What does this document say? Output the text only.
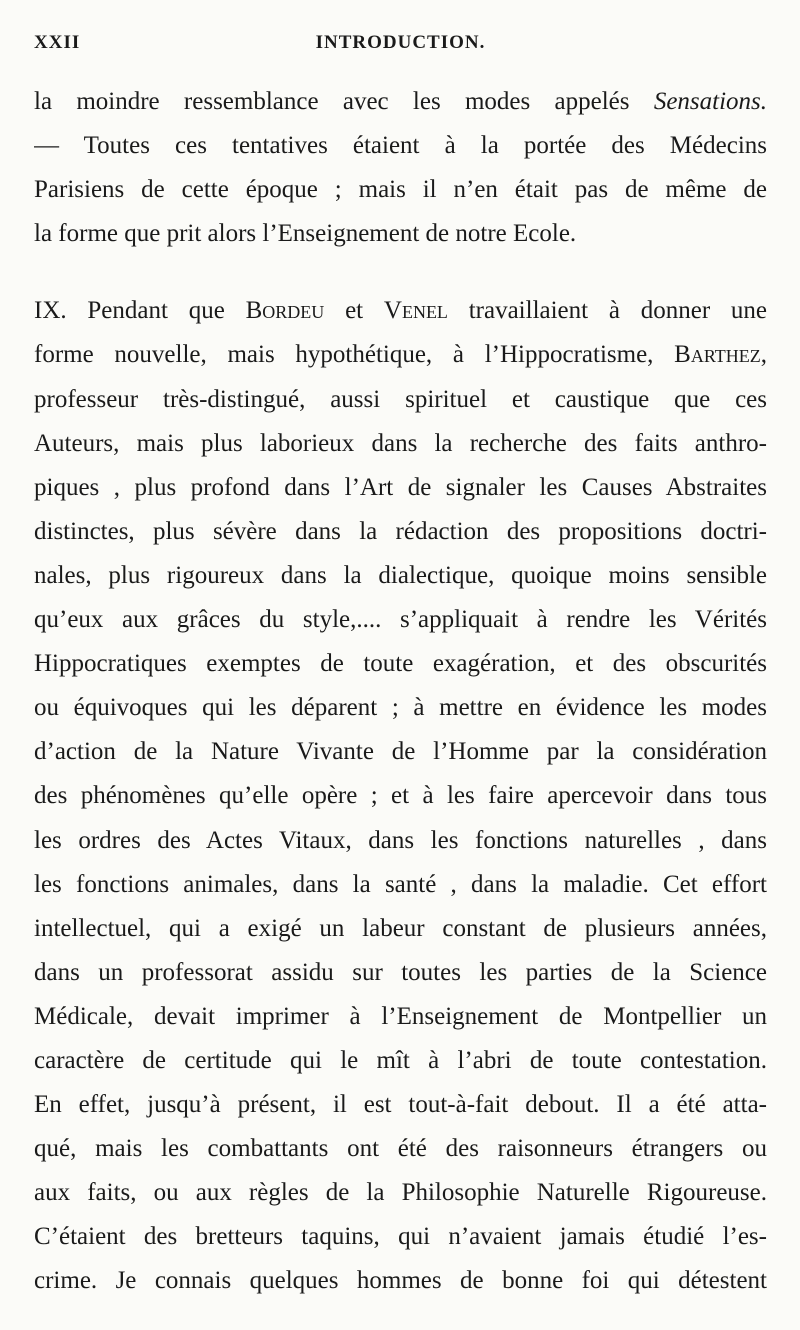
XXII	INTRODUCTION.
la moindre ressemblance avec les modes appelés Sensations.
— Toutes ces tentatives étaient à la portée des Médecins
Parisiens de cette époque ; mais il n’en était pas de même de
la forme que prit alors l’Enseignement de notre Ecole.
IX. Pendant que Bordeu et Venel travaillaient à donner une
forme nouvelle, mais hypothétique, à l’Hippocratisme, Barthez,
professeur très-distingué, aussi spirituel et caustique que ces
Auteurs, mais plus laborieux dans la recherche des faits anthro-
piques , plus profond dans l’Art de signaler les Causes Abstraites
distinctes, plus sévère dans la rédaction des propositions doctri-
nales, plus rigoureux dans la dialectique, quoique moins sensible
qu’eux aux grâces du style,.... s’appliquait à rendre les Vérités
Hippocratiques exemptes de toute exagération, et des obscurités
ou équivoques qui les déparent ; à mettre en évidence les modes
d’action de la Nature Vivante de l’Homme par la considération
des phénomènes qu’elle opère ; et à les faire apercevoir dans tous
les ordres des Actes Vitaux, dans les fonctions naturelles , dans
les fonctions animales, dans la santé , dans la maladie. Cet effort
intellectuel, qui a exigé un labeur constant de plusieurs années,
dans un professorat assidu sur toutes les parties de la Science
Médicale, devait imprimer à l’Enseignement de Montpellier un
caractère de certitude qui le mît à l’abri de toute contestation.
En effet, jusqu’à présent, il est tout-à-fait debout. Il a été atta-
qué, mais les combattants ont été des raisonneurs étrangers ou
aux faits, ou aux règles de la Philosophie Naturelle Rigoureuse.
C’étaient des bretteurs taquins, qui n’avaient jamais étudié l’es-
crime. Je connais quelques hommes de bonne foi qui détestent
